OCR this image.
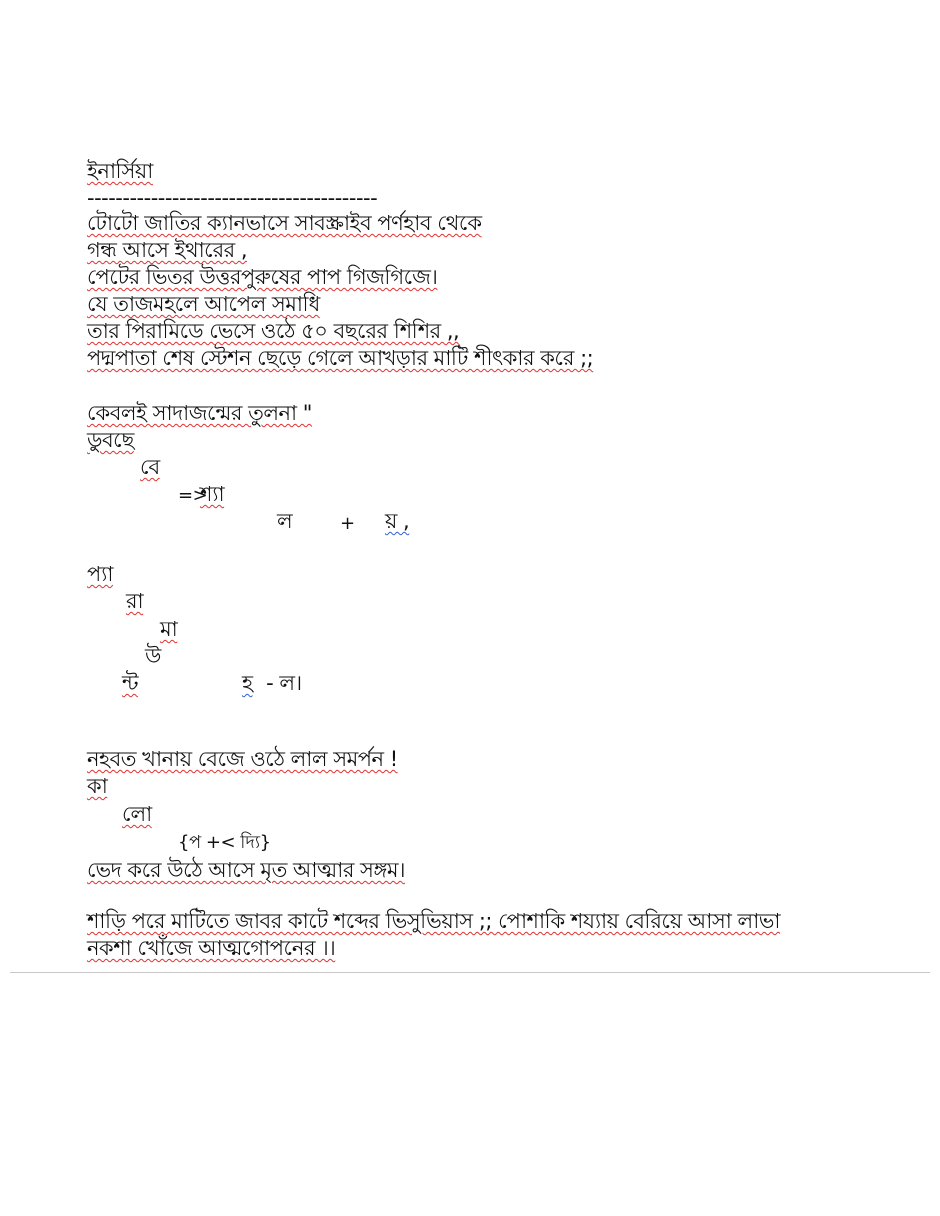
ইনার্সিয়া
-----------------------------------------
টোটো জাতির ক্যানভাসে সাবস্ক্রাইব পর্ণহাব থেকে
গন্ধ আসে ইথারের ,
পেটের ভিতর উত্তরপুরুষের পাপ গিজগিজে।
যে তাজমহলে আপেল সমাধি
তার পিরামিডে ভেসে ওঠে ৫০ বছরের শিশির ,,
পদ্মপাতা শেষ স্টেশন ছেড়ে গেলে আখড়ার মাটি শীৎকার করে ;;
কেবলই সাদাজন্মের তুলনা "
ডুবছে
বে
=>
শ্যা
ল	+ য় ,
প্যা
রা
মা
উ
ন্ট	হ - ল।
নহবত খানায় বেজে ওঠে লাল সমর্পন !
কা
লো
{প +< দ্যি}
ভেদ করে উঠে আসে মৃত আত্মার সঙ্গম।
শাড়ি পরে মাটিতে জাবর কাটে শব্দের ভিসুভিয়াস ;; পোশাকি শয্যায় বেরিয়ে আসা লাভা
নকশা খোঁজে আত্মগোপনের ।।
